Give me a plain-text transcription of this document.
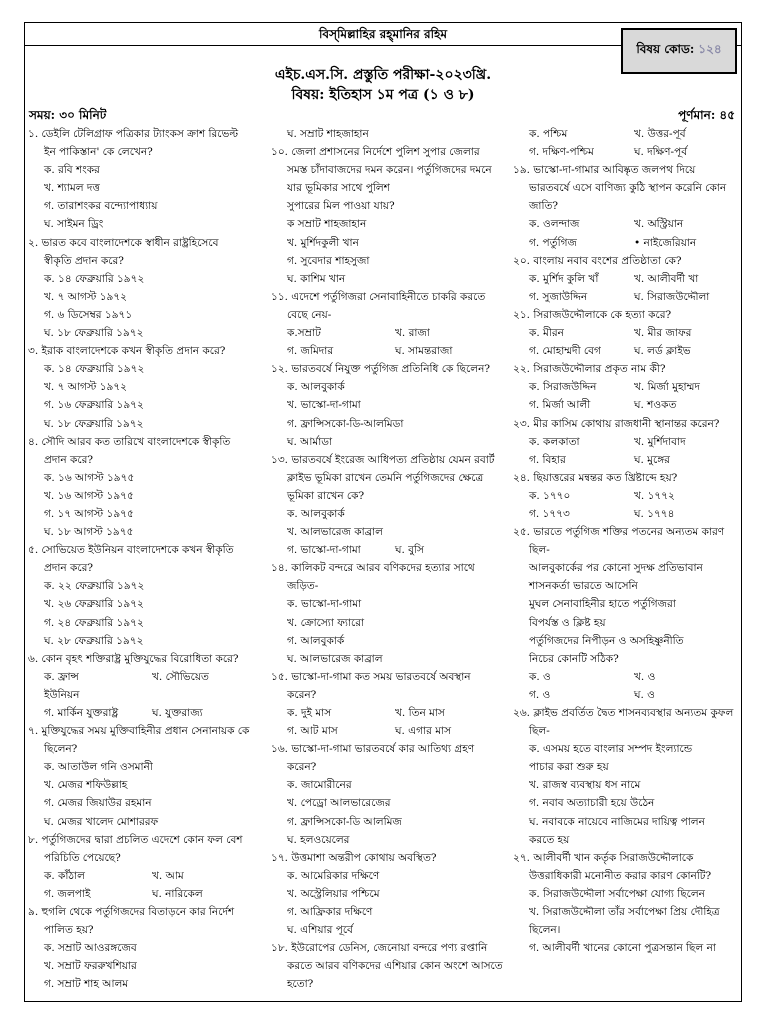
বিস্‌মিল্লাহির রহ্‌মানির রহিম
বিষয় কোড: ১২৪
এইচ.এস.সি. প্রস্তুতি পরীক্ষা-২০২৩খ্রি.
বিষয়: ইতিহাস ১ম পত্র (১ ও ৮)
সময়: ৩০ মিনিট	পূর্ণমান: ৪৫
১. ডেইলি টেলিগ্রাফ পত্রিকার ট্যাংকস ক্রাশ রিভেল্ট
ইন পাকিস্তান' কে লেখেন?
ক. রবি শংকর
খ. শ্যামল দত্ত
গ. তারাশংকর বন্দ্যোপাধ্যায়
ঘ. সাইমন ড্রিং
২. ভারত কবে বাংলাদেশকে স্বাধীন রাষ্ট্রহিসেবে
স্বীকৃতি প্রদান করে?
ক. ১৪ ফেব্রুয়ারি ১৯৭২
খ. ৭ আগস্ট ১৯৭২
গ. ৬ ডিসেম্বর ১৯৭১
ঘ. ১৮ ফেব্রুয়ারি ১৯৭২
৩. ইরাক বাংলাদেশকে কখন স্বীকৃতি প্রদান করে?
ক. ১৪ ফেব্রুয়ারি ১৯৭২
খ. ৭ আগস্ট ১৯৭২
গ. ১৬ ফেব্রুয়ারি ১৯৭২
ঘ. ১৮ ফেব্রুয়ারি ১৯৭২
৪. সৌদি আরব কত তারিখে বাংলাদেশকে স্বীকৃতি
প্রদান করে?
ক. ১৬ আগস্ট ১৯৭৫
খ. ১৬ আগস্ট ১৯৭৫
গ. ১৭ আগস্ট ১৯৭৫
ঘ. ১৮ আগস্ট ১৯৭৫
৫. সোভিয়েত ইউনিয়ন বাংলাদেশকে কখন স্বীকৃতি
প্রদান করে?
ক. ২২ ফেব্রুয়ারি ১৯৭২
খ. ২৬ ফেব্রুয়ারি ১৯৭২
গ. ২৪ ফেব্রুয়ারি ১৯৭২
ঘ. ২৮ ফেব্রুয়ারি ১৯৭২
৬. কোন বৃহৎ শক্তিরাষ্ট্র মুক্তিযুদ্ধের বিরোধিতা করে?
ক. ফ্রান্স	খ. সৌভিয়েত
ইউনিয়ন
গ. মার্কিন যুক্তরাষ্ট্র	ঘ. যুক্তরাজ্য
৭. মুক্তিযুদ্ধের সময় মুক্তিবাহিনীর প্রধান সেনানায়ক কে
ছিলেন?
ক. আতাউল গনি ওসমানী
খ. মেজর শফিউল্লাহ
গ. মেজর জিয়াউর রহমান
ঘ. মেজর খালেদ মোশাররফ
৮. পর্তুগিজদের দ্বারা প্রচলিত এদেশে কোন ফল বেশ
পরিচিতি পেয়েছে?
ক. কাঁঠাল	খ. আম
গ. জলপাই	ঘ. নারিকেল
৯. হুগলি থেকে পর্তুগিজদের বিতাড়নে কার নির্দেশ
পালিত হয়?
ক. সম্রাট আওরঙ্গজেব
খ. সম্রাট ফররুখশিয়ার
গ. সম্রাট শাহ আলম
ঘ. সম্রাট শাহজাহান
১০. জেলা প্রশাসনের নির্দেশে পুলিশ সুপার জেলার
সমস্ত চাঁদাবাজদের দমন করেন। পর্তুগিজদের দমনে
যার ভূমিকার সাথে পুলিশ
সুপারের মিল পাওয়া যায়?
ক সম্রাট শাহজাহান
খ. মুর্শিদকুলী খান
গ. সুবেদার শাহসুজা
ঘ. কাশিম খান
১১. এদেশে পর্তুগিজরা সেনাবাহিনীতে চাকরি করতে
বেছে নেয়-
ক.সম্রাট	খ. রাজা
গ. জমিদার	ঘ. সামন্তরাজা
১২. ভারতবর্ষে নিযুক্ত পর্তুগিজ প্রতিনিধি কে ছিলেন?
ক. আলবুকার্ক
খ. ভাস্কো-দা-গামা
গ. ফ্রান্সিসকো-ডি-আলমিডা
ঘ. আর্মাডা
১৩. ভারতবর্ষে ইংরেজ আধিপত্য প্রতিষ্ঠায় যেমন রবার্ট
ক্লাইভ ভূমিকা রাখেন তেমনি পর্তুগিজদের ক্ষেত্রে
ভূমিকা রাখেন কে?
ক. আলবুকার্ক
খ. আলভারেজ কাব্রাল
গ. ভাস্কো-দা-গামা	ঘ. বুসি
১৪. কালিকট বন্দরে আরব বণিকদের হত্যার সাথে
জড়িত-
ক. ভাস্কো-দা-গামা
খ. ক্রোস্যো ফ্যারো
গ. আলবুকার্ক
ঘ. আলভারেজ কাব্রাল
১৫. ভাস্কো-দা-গামা কত সময় ভারতবর্ষে অবস্থান
করেন?
ক. দুই মাস	খ. তিন মাস
গ. আট মাস	ঘ. এগার মাস
১৬. ভাস্কো-দা-গামা ভারতবর্ষে কার আতিথ্য গ্রহণ
করেন?
ক. জামোরীনের
খ. পেড্রো আলভারেজের
গ. ফ্রান্সিসকো-ডি আলমিজ
ঘ. হলওয়েলের
১৭. উত্তমাশা অন্তরীপ কোথায় অবস্থিত?
ক. আমেরিকার দক্ষিণে
খ. অস্ট্রেলিয়ার পশ্চিমে
গ. আফ্রিকার দক্ষিণে
ঘ. এশিয়ার পূর্বে
১৮. ইউরোপের ডেনিস, জেনোয়া বন্দরে পণ্য রপ্তানি
করতে আরব বণিকদের এশিয়ার কোন অংশে আসতে
হতো?
ক. পশ্চিম	খ. উত্তর-পূর্ব
গ. দক্ষিণ-পশ্চিম	ঘ. দক্ষিণ-পূর্ব
১৯. ভাস্কো-দা-গামার আবিষ্কৃত জলপথ দিয়ে
ভারতবর্ষে এসে বাণিজ্য কুঠি স্থাপন করেনি কোন
জাতি?
ক. ওলন্দাজ	খ. অস্ট্রিয়ান
গ. পর্তুগিজ	• নাইজেরিয়ান
২০. বাংলায় নবাব বংশের প্রতিষ্ঠাতা কে?
ক. মুর্শিদ কুলি খাঁ	খ. আলীবর্দী খা
গ. সুজাউদ্দিন	ঘ. সিরাজউদ্দৌলা
২১. সিরাজউদ্দৌলাকে কে হত্যা করে?
ক. মীরন	খ. মীর জাফর
গ. মোহাম্মদী বেগ	ঘ. লর্ড ক্লাইভ
২২. সিরাজউদ্দৌলার প্রকৃত নাম কী?
ক. সিরাজউদ্দিন	খ. মির্জা মুহাম্মদ
গ. মির্জা আলী	ঘ. শওকত
২৩. মীর কাসিম কোথায় রাজধানী স্থানান্তর করেন?
ক. কলকাতা	খ. মুর্শিদাবাদ
গ. বিহার	ঘ. মুঙ্গের
২৪. ছিয়াত্তরের মন্বন্তর কত খ্রিষ্টাব্দে হয়?
ক. ১৭৭০	খ. ১৭৭২
গ. ১৭৭৩	ঘ. ১৭৭৪
২৫. ভারতে পর্তুগিজ শক্তির পতনের অন্যতম কারণ
ছিল-
আলবুকার্কের পর কোনো সুদক্ষ প্রতিভাবান
শাসনকর্তা ভারতে আসেনি
মুঘল সেনাবাহিনীর হাতে পর্তুগিজরা
বিপর্যস্ত ও ক্লিষ্ট হয়
পর্তুগিজদের নিপীড়ন ও অসহিষ্ণুনীতি
নিচের কোনটি সঠিক?
ক. ও	খ. ও
গ. ও	ঘ. ও
২৬. ক্লাইভ প্রবর্তিত দ্বৈত শাসনব্যবস্থার অন্যতম কুফল
ছিল-
ক. এসময় হতে বাংলার সম্পদ ইংল্যান্ডে
পাচার করা শুরু হয়
খ. রাজস্ব ব্যবস্থায় ধস নামে
গ. নবাব অত্যাচারী হয়ে উঠেন
ঘ. নবাবকে নায়েবে নাজিমের দায়িত্ব পালন
করতে হয়
২৭. আলীবর্দী খান কর্তৃক সিরাজউদ্দৌলাকে
উত্তরাধিকারী মনোনীত করার কারণ কোনটি?
ক. সিরাজউদ্দৌলা সর্বাপেক্ষা যোগ্য ছিলেন
খ. সিরাজউদ্দৌলা তাঁর সর্বাপেক্ষা প্রিয় দৌহিত্র
ছিলেন।
গ. আলীবর্দী খানের কোনো পুত্রসন্তান ছিল না
